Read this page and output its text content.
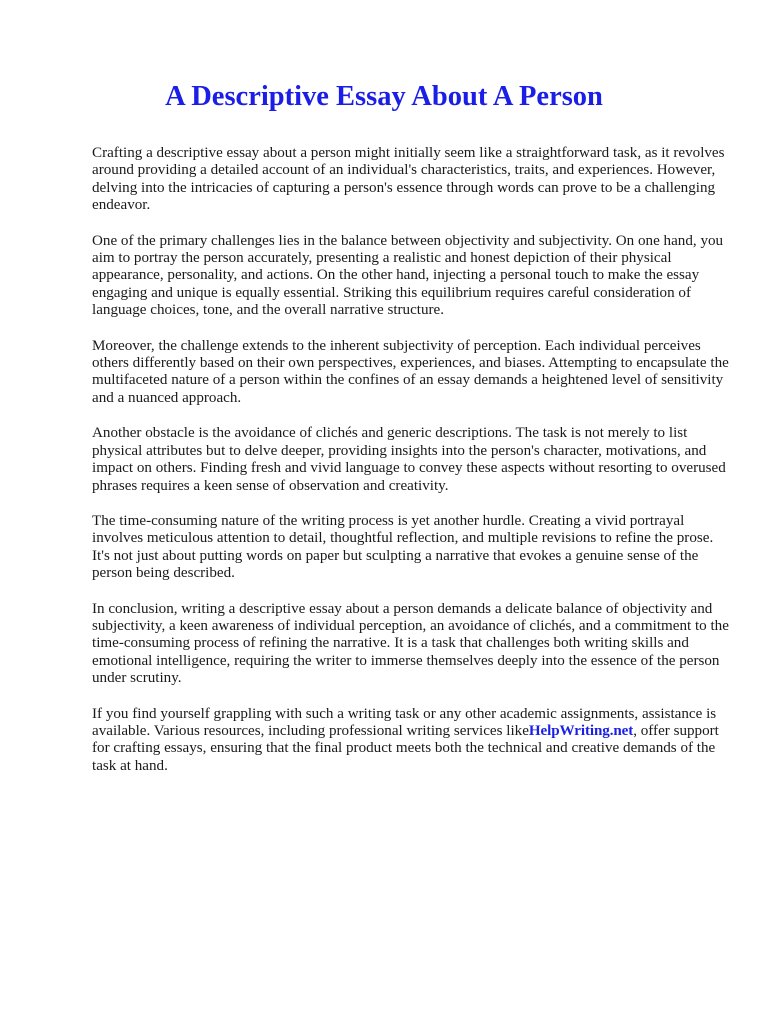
A Descriptive Essay About A Person

Crafting a descriptive essay about a person might initially seem like a straightforward task, as it revolves around providing a detailed account of an individual's characteristics, traits, and experiences. However, delving into the intricacies of capturing a person's essence through words can prove to be a challenging endeavor.

One of the primary challenges lies in the balance between objectivity and subjectivity. On one hand, you aim to portray the person accurately, presenting a realistic and honest depiction of their physical appearance, personality, and actions. On the other hand, injecting a personal touch to make the essay engaging and unique is equally essential. Striking this equilibrium requires careful consideration of language choices, tone, and the overall narrative structure.

Moreover, the challenge extends to the inherent subjectivity of perception. Each individual perceives others differently based on their own perspectives, experiences, and biases. Attempting to encapsulate the multifaceted nature of a person within the confines of an essay demands a heightened level of sensitivity and a nuanced approach.

Another obstacle is the avoidance of clichés and generic descriptions. The task is not merely to list physical attributes but to delve deeper, providing insights into the person's character, motivations, and impact on others. Finding fresh and vivid language to convey these aspects without resorting to overused phrases requires a keen sense of observation and creativity.

The time-consuming nature of the writing process is yet another hurdle. Creating a vivid portrayal involves meticulous attention to detail, thoughtful reflection, and multiple revisions to refine the prose. It's not just about putting words on paper but sculpting a narrative that evokes a genuine sense of the person being described.

In conclusion, writing a descriptive essay about a person demands a delicate balance of objectivity and subjectivity, a keen awareness of individual perception, an avoidance of clichés, and a commitment to the time-consuming process of refining the narrative. It is a task that challenges both writing skills and emotional intelligence, requiring the writer to immerse themselves deeply into the essence of the person under scrutiny.

If you find yourself grappling with such a writing task or any other academic assignments, assistance is available. Various resources, including professional writing services likeHelpWriting.net, offer support for crafting essays, ensuring that the final product meets both the technical and creative demands of the task at hand.
